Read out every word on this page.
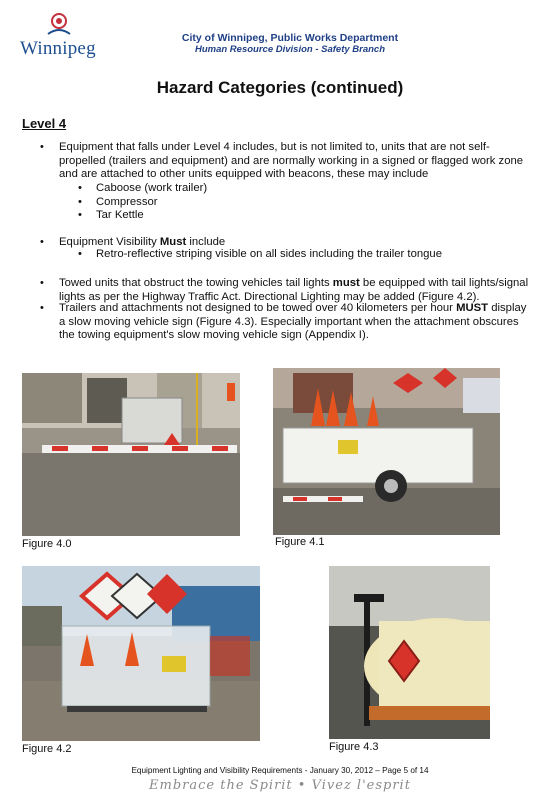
Winnipeg	City of Winnipeg, Public Works Department
Human Resource Division - Safety Branch
Hazard Categories (continued)
Level 4
• Equipment that falls under Level 4 includes, but is not limited to, units that are not self-
propelled (trailers and equipment) and are normally working in a signed or flagged work zone
and are attached to other units equipped with beacons, these may include
• Caboose (work trailer)
• Compressor
• Tar Kettle
• Equipment Visibility Must include
• Retro-reflective striping visible on all sides including the trailer tongue
• Towed units that obstruct the towing vehicles tail lights must be equipped with tail lights/signal
lights as per the Highway Traffic Act. Directional Lighting may be added (Figure 4.2).
• Trailers and attachments not designed to be towed over 40 kilometers per hour MUST display
a slow moving vehicle sign (Figure 4.3). Especially important when the attachment obscures
the towing equipment's slow moving vehicle sign (Appendix I).
Figure 4.0	Figure 4.1
Figure 4.2	Figure 4.3
Equipment Lighting and Visibility Requirements - January 30, 2012 – Page 5 of 14
Embrace the Spirit • Vivez l'esprit
